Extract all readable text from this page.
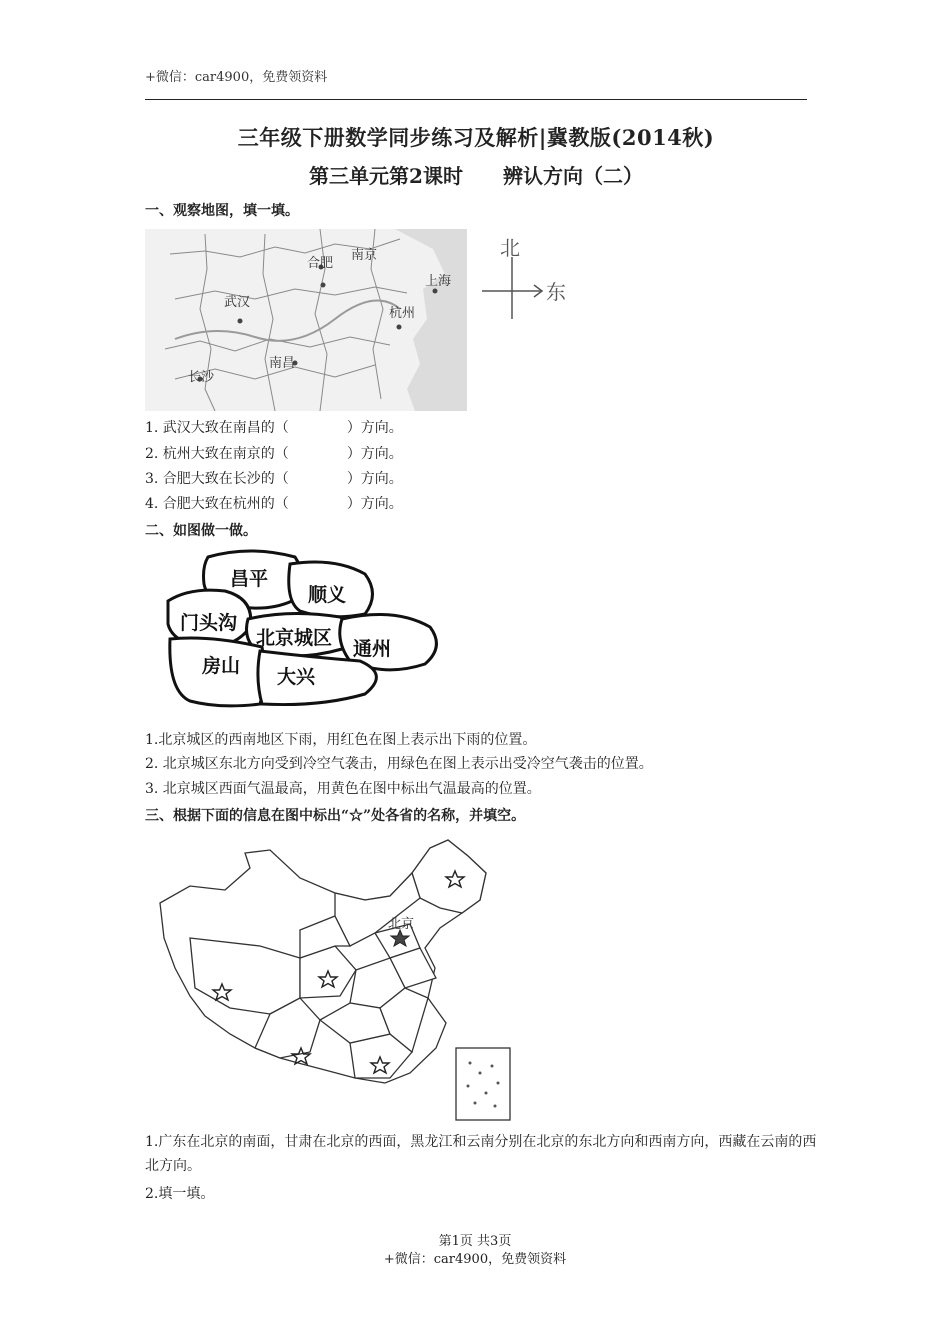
+微信：car4900，免费领资料
三年级下册数学同步练习及解析|冀教版(2014秋)
第三单元第2课时 辨认方向（二）
一、观察地图，填一填。
合肥
南京
上海
武汉
杭州
南昌
长沙
北
东
1. 武汉大致在南昌的（	）方向。
2. 杭州大致在南京的（	）方向。
3. 合肥大致在长沙的（	）方向。
4. 合肥大致在杭州的（	）方向。
二、如图做一做。
昌平
顺义
门头沟
北京城区 通州
房山 大兴
1.北京城区的西南地区下雨，用红色在图上表示出下雨的位置。
2. 北京城区东北方向受到冷空气袭击，用绿色在图上表示出受冷空气袭击的位置。
3. 北京城区西面气温最高，用黄色在图中标出气温最高的位置。
三、根据下面的信息在图中标出“☆”处各省的名称，并填空。
北京
1.广东在北京的南面，甘肃在北京的西面，黑龙江和云南分别在北京的东北方向和西南方向，西藏在云南的西北方向。
2.填一填。
第1页 共3页
+微信：car4900，免费领资料
